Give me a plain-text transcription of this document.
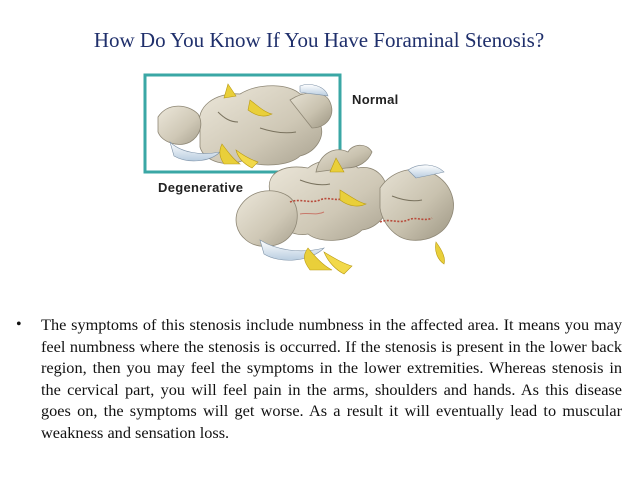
How Do You Know If You Have Foraminal Stenosis?
Normal
Degenerative
• The symptoms of this stenosis include numbness in the affected area. It means you may feel numbness where the stenosis is occurred. If the stenosis is present in the lower back region, then you may feel the symptoms in the lower extremities. Whereas stenosis in the cervical part, you will feel pain in the arms, shoulders and hands. As this disease goes on, the symptoms will get worse. As a result it will eventually lead to muscular weakness and sensation loss.
